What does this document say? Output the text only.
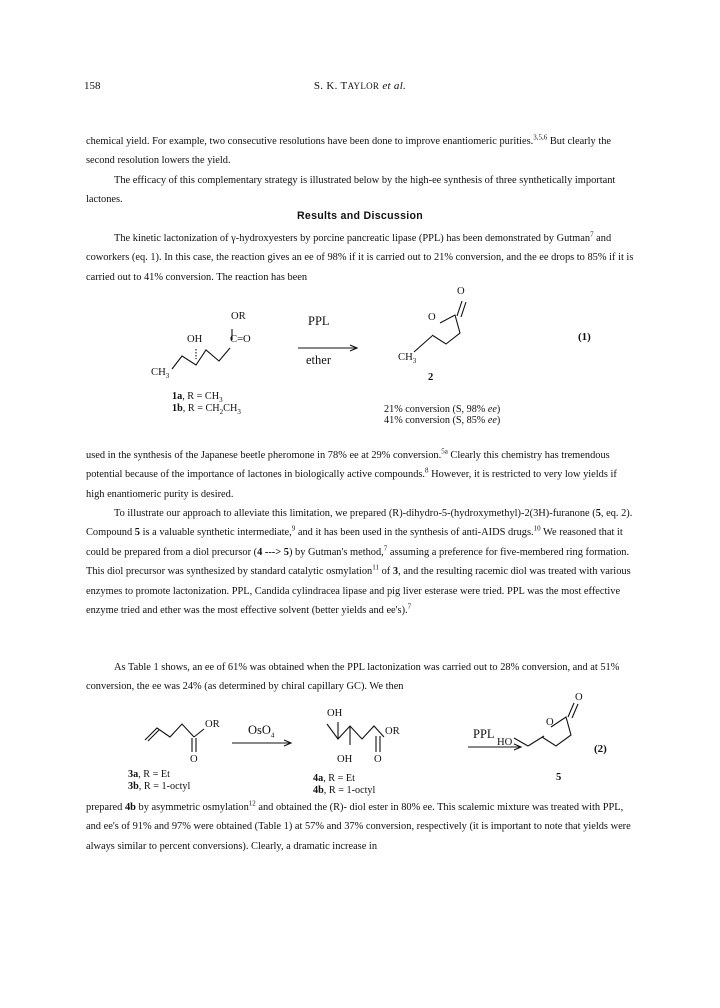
158	S. K. TAYLOR et al.

chemical yield. For example, two consecutive resolutions have been done to improve enantiomeric purities.$^{3,5,6}$ But clearly the second resolution lowers the yield.

The efficacy of this complementary strategy is illustrated below by the high-ee synthesis of three synthetically important lactones.

Results and Discussion

The kinetic lactonization of γ-hydroxyesters by porcine pancreatic lipase (PPL) has been demonstrated by Gutman$^7$ and coworkers (eq. 1). In this case, the reaction gives an ee of 98% if it is carried out to 21% conversion, and the ee drops to 85% if it is carried out to 41% conversion. The reaction has been

OR
OH	C=O
$CH_3$
PPL
ether
O
O
$CH_3$
2
(1)
1a, $R = CH_3$
1b, $R = CH_2CH_3$	21% conversion (S, 98% ee)
41% conversion (S, 85% ee)

used in the synthesis of the Japanese beetle pheromone in 78% ee at 29% conversion.$^{5a}$ Clearly this chemistry has tremendous potential because of the importance of lactones in biologically active compounds.$^8$ However, it is restricted to very low yields if high enantiomeric purity is desired.

To illustrate our approach to alleviate this limitation, we prepared (R)-dihydro-5-(hydroxymethyl)-2(3H)-furanone (5, eq. 2). Compound 5 is a valuable synthetic intermediate,$^9$ and it has been used in the synthesis of anti-AIDS drugs.$^{10}$ We reasoned that it could be prepared from a diol precursor (4 ---> 5) by Gutman's method,$^7$ assuming a preference for five-membered ring formation. This diol precursor was synthesized by standard catalytic osmylation$^{11}$ of 3, and the resulting racemic diol was treated with various enzymes to promote lactonization. PPL, Candida cylindracea lipase and pig liver esterase were tried. PPL was the most effective enzyme tried and ether was the most effective solvent (better yields and ee's).$^7$

As Table 1 shows, an ee of 61% was obtained when the PPL lactonization was carried out to 28% conversion, and at 51% conversion, the ee was 24% (as determined by chiral capillary GC). We then

OR
O
OsO$_4$
OH
OR
OH O
PPL
HO
O
O
(2)
3a, R = Et
3b, R = 1-octyl
4a, R = Et
4b, R = 1-octyl
5

prepared 4b by asymmetric osmylation$^{12}$ and obtained the (R)- diol ester in 80% ee. This scalemic mixture was treated with PPL, and ee's of 91% and 97% were obtained (Table 1) at 57% and 37% conversion, respectively (it is important to note that yields were always similar to percent conversions). Clearly, a dramatic increase in
